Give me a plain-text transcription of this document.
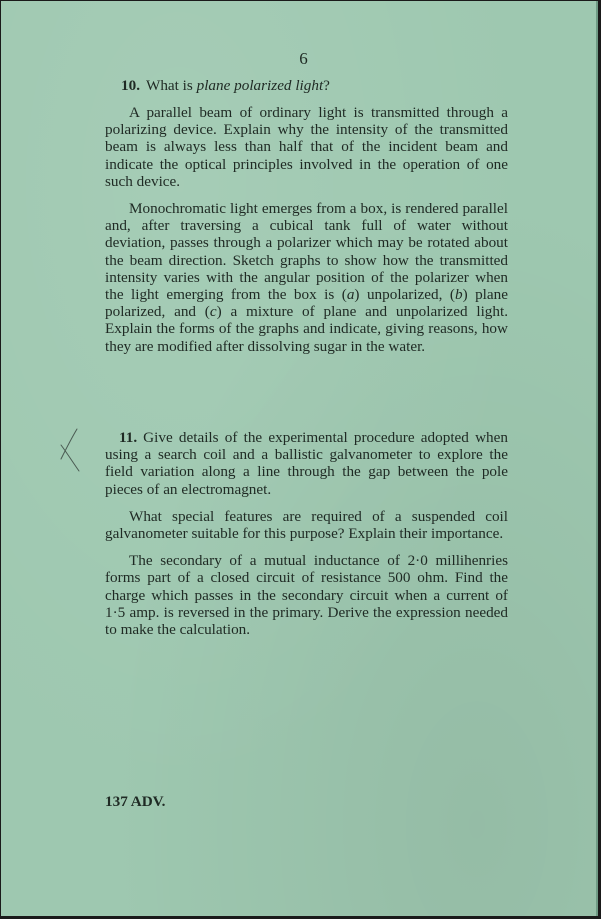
6

10. What is plane polarized light?

A parallel beam of ordinary light is transmitted through a polarizing device. Explain why the intensity of the transmitted beam is always less than half that of the incident beam and indicate the optical principles involved in the operation of one such device.

Monochromatic light emerges from a box, is rendered parallel and, after traversing a cubical tank full of water without deviation, passes through a polarizer which may be rotated about the beam direction. Sketch graphs to show how the transmitted intensity varies with the angular position of the polarizer when the light emerging from the box is (a) unpolarized, (b) plane polarized, and (c) a mixture of plane and unpolarized light. Explain the forms of the graphs and indicate, giving reasons, how they are modified after dissolving sugar in the water.

11. Give details of the experimental procedure adopted when using a search coil and a ballistic galvanometer to explore the field variation along a line through the gap between the pole pieces of an electromagnet.

What special features are required of a suspended coil galvanometer suitable for this purpose? Explain their importance.

The secondary of a mutual inductance of 2·0 millihenries forms part of a closed circuit of resistance 500 ohm. Find the charge which passes in the secondary circuit when a current of 1·5 amp. is reversed in the primary. Derive the expression needed to make the calculation.

137 ADV.
